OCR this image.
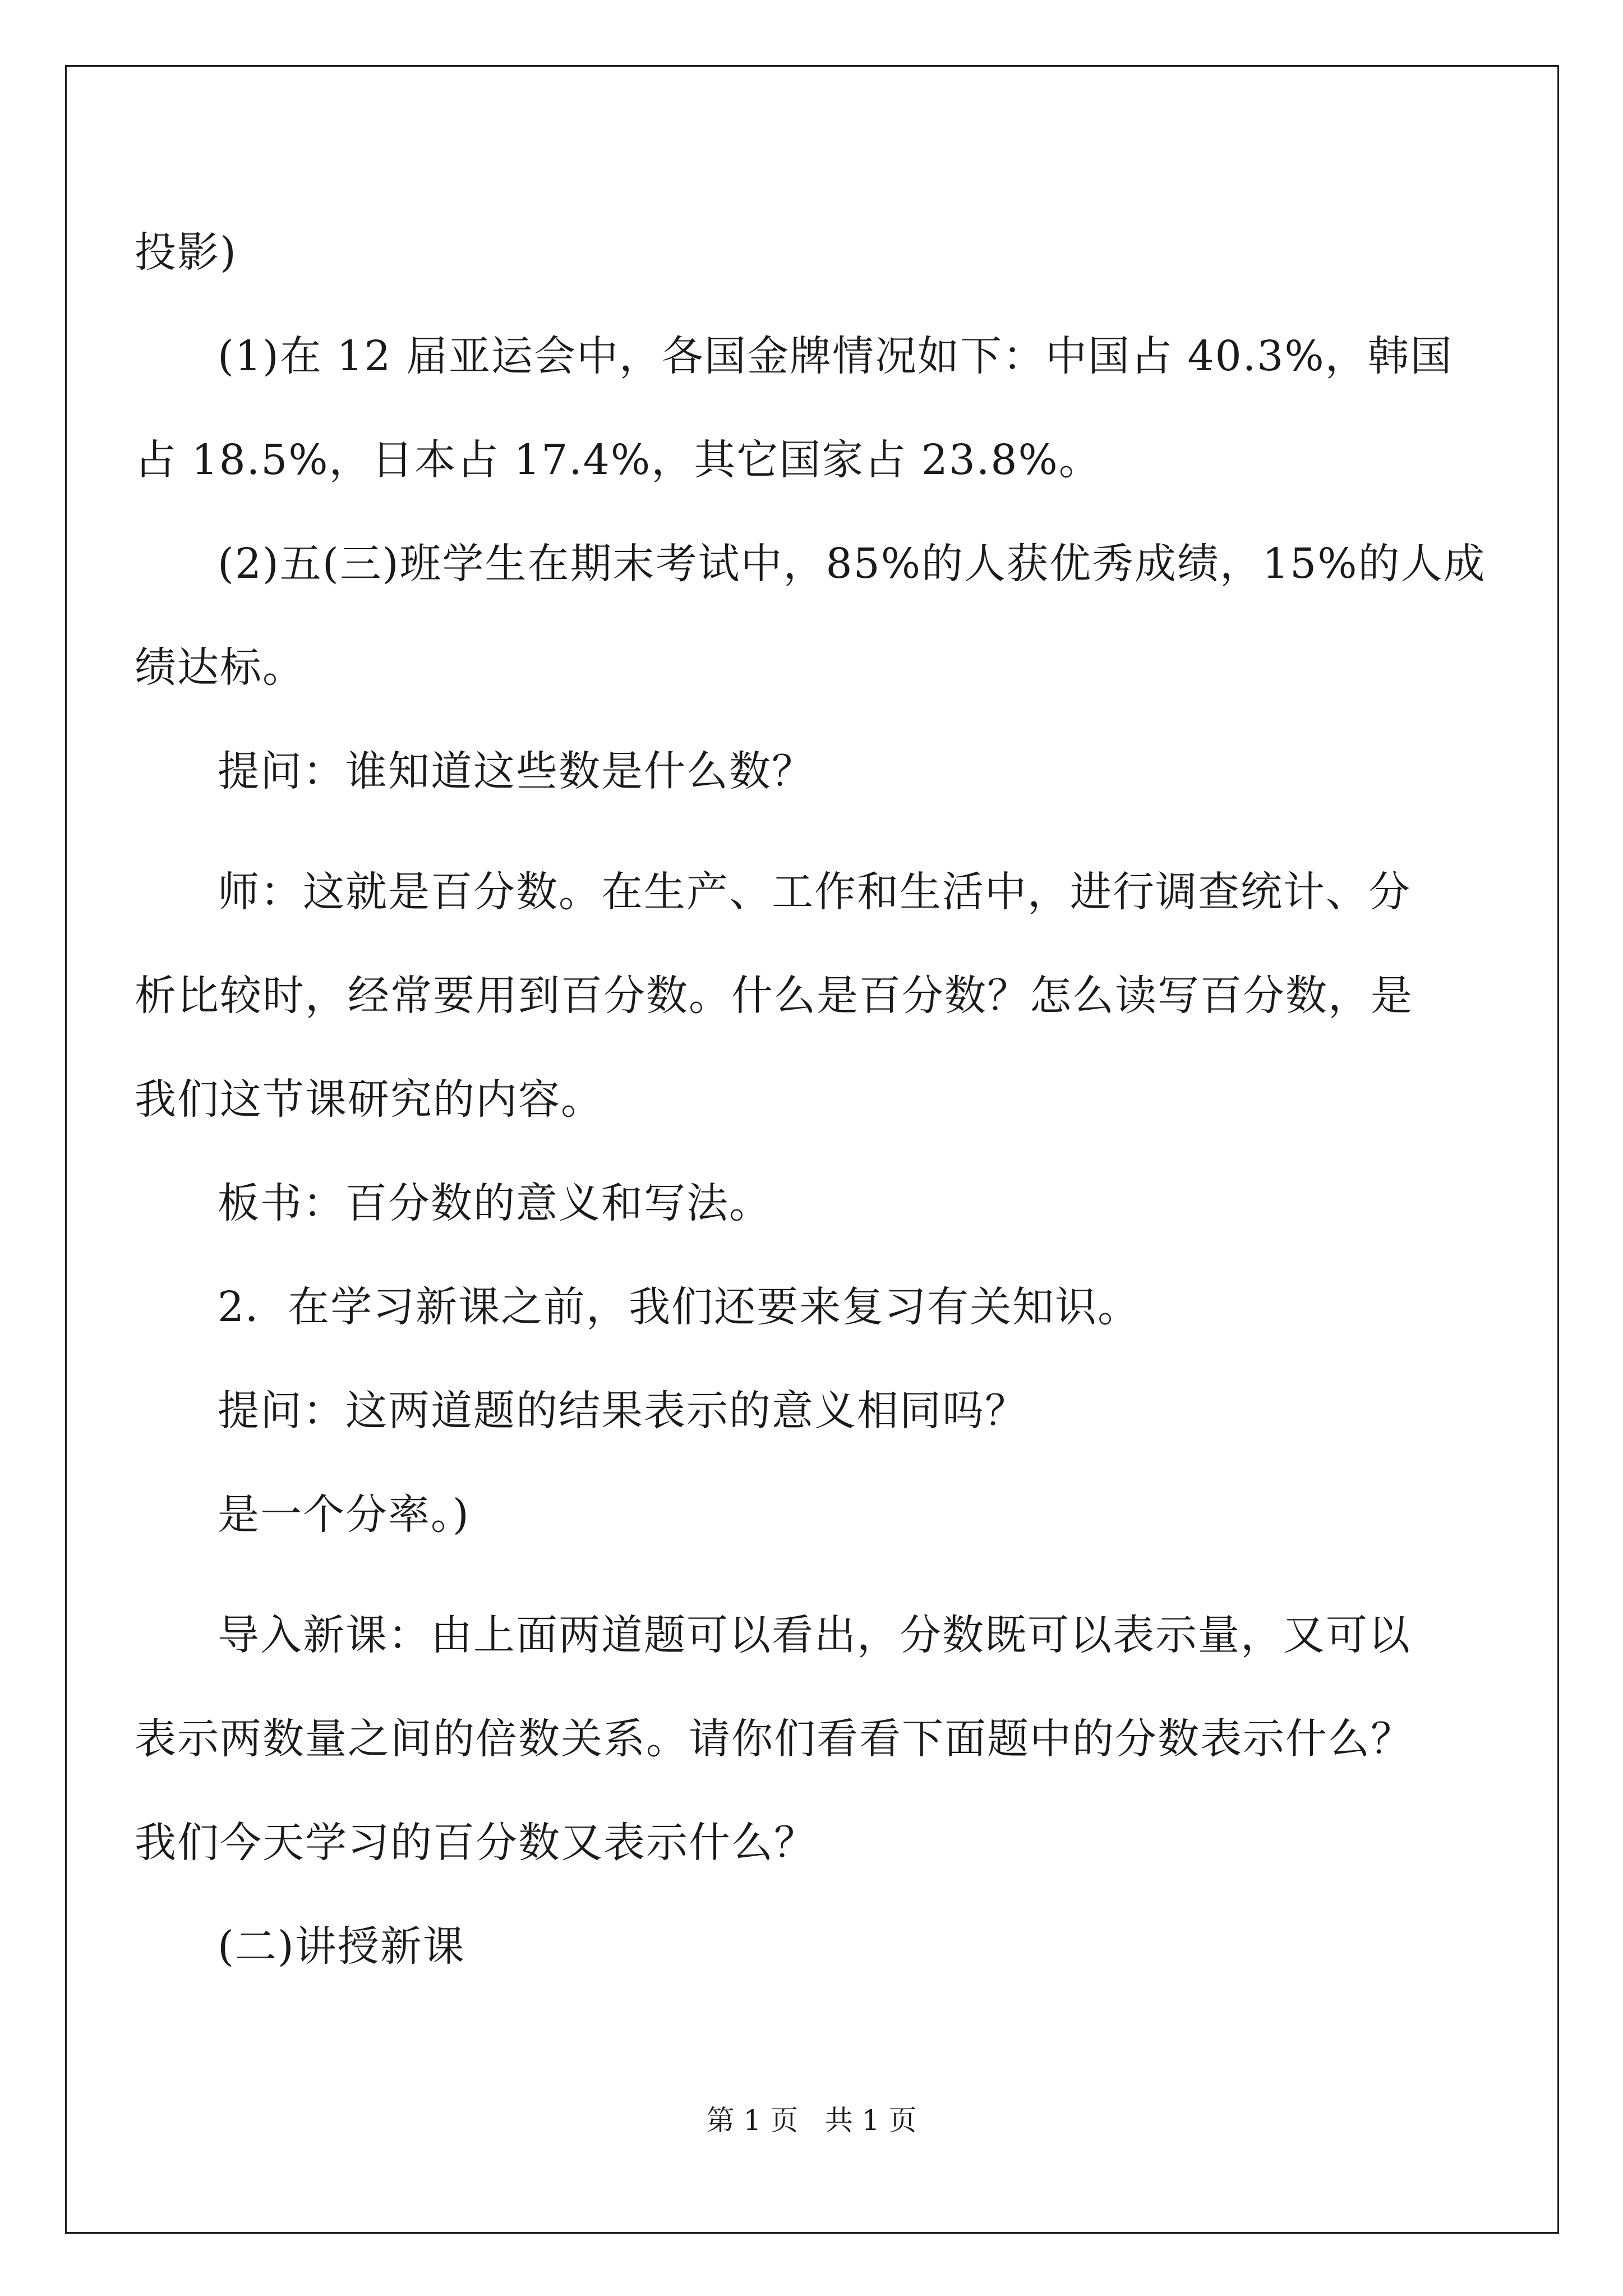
投影)
(1)在 12 届亚运会中，各国金牌情况如下：中国占 40.3%，韩国
占 18.5%，日本占 17.4%，其它国家占 23.8%。
(2)五(三)班学生在期末考试中，85%的人获优秀成绩，15%的人成
绩达标。
提问：谁知道这些数是什么数？
师：这就是百分数。在生产、工作和生活中，进行调查统计、分
析比较时，经常要用到百分数。什么是百分数？怎么读写百分数，是
我们这节课研究的内容。
板书：百分数的意义和写法。
2．在学习新课之前，我们还要来复习有关知识。
提问：这两道题的结果表示的意义相同吗？
是一个分率。)
导入新课：由上面两道题可以看出，分数既可以表示量，又可以
表示两数量之间的倍数关系。请你们看看下面题中的分数表示什么？
我们今天学习的百分数又表示什么？
(二)讲授新课
第 1 页   共 1 页
